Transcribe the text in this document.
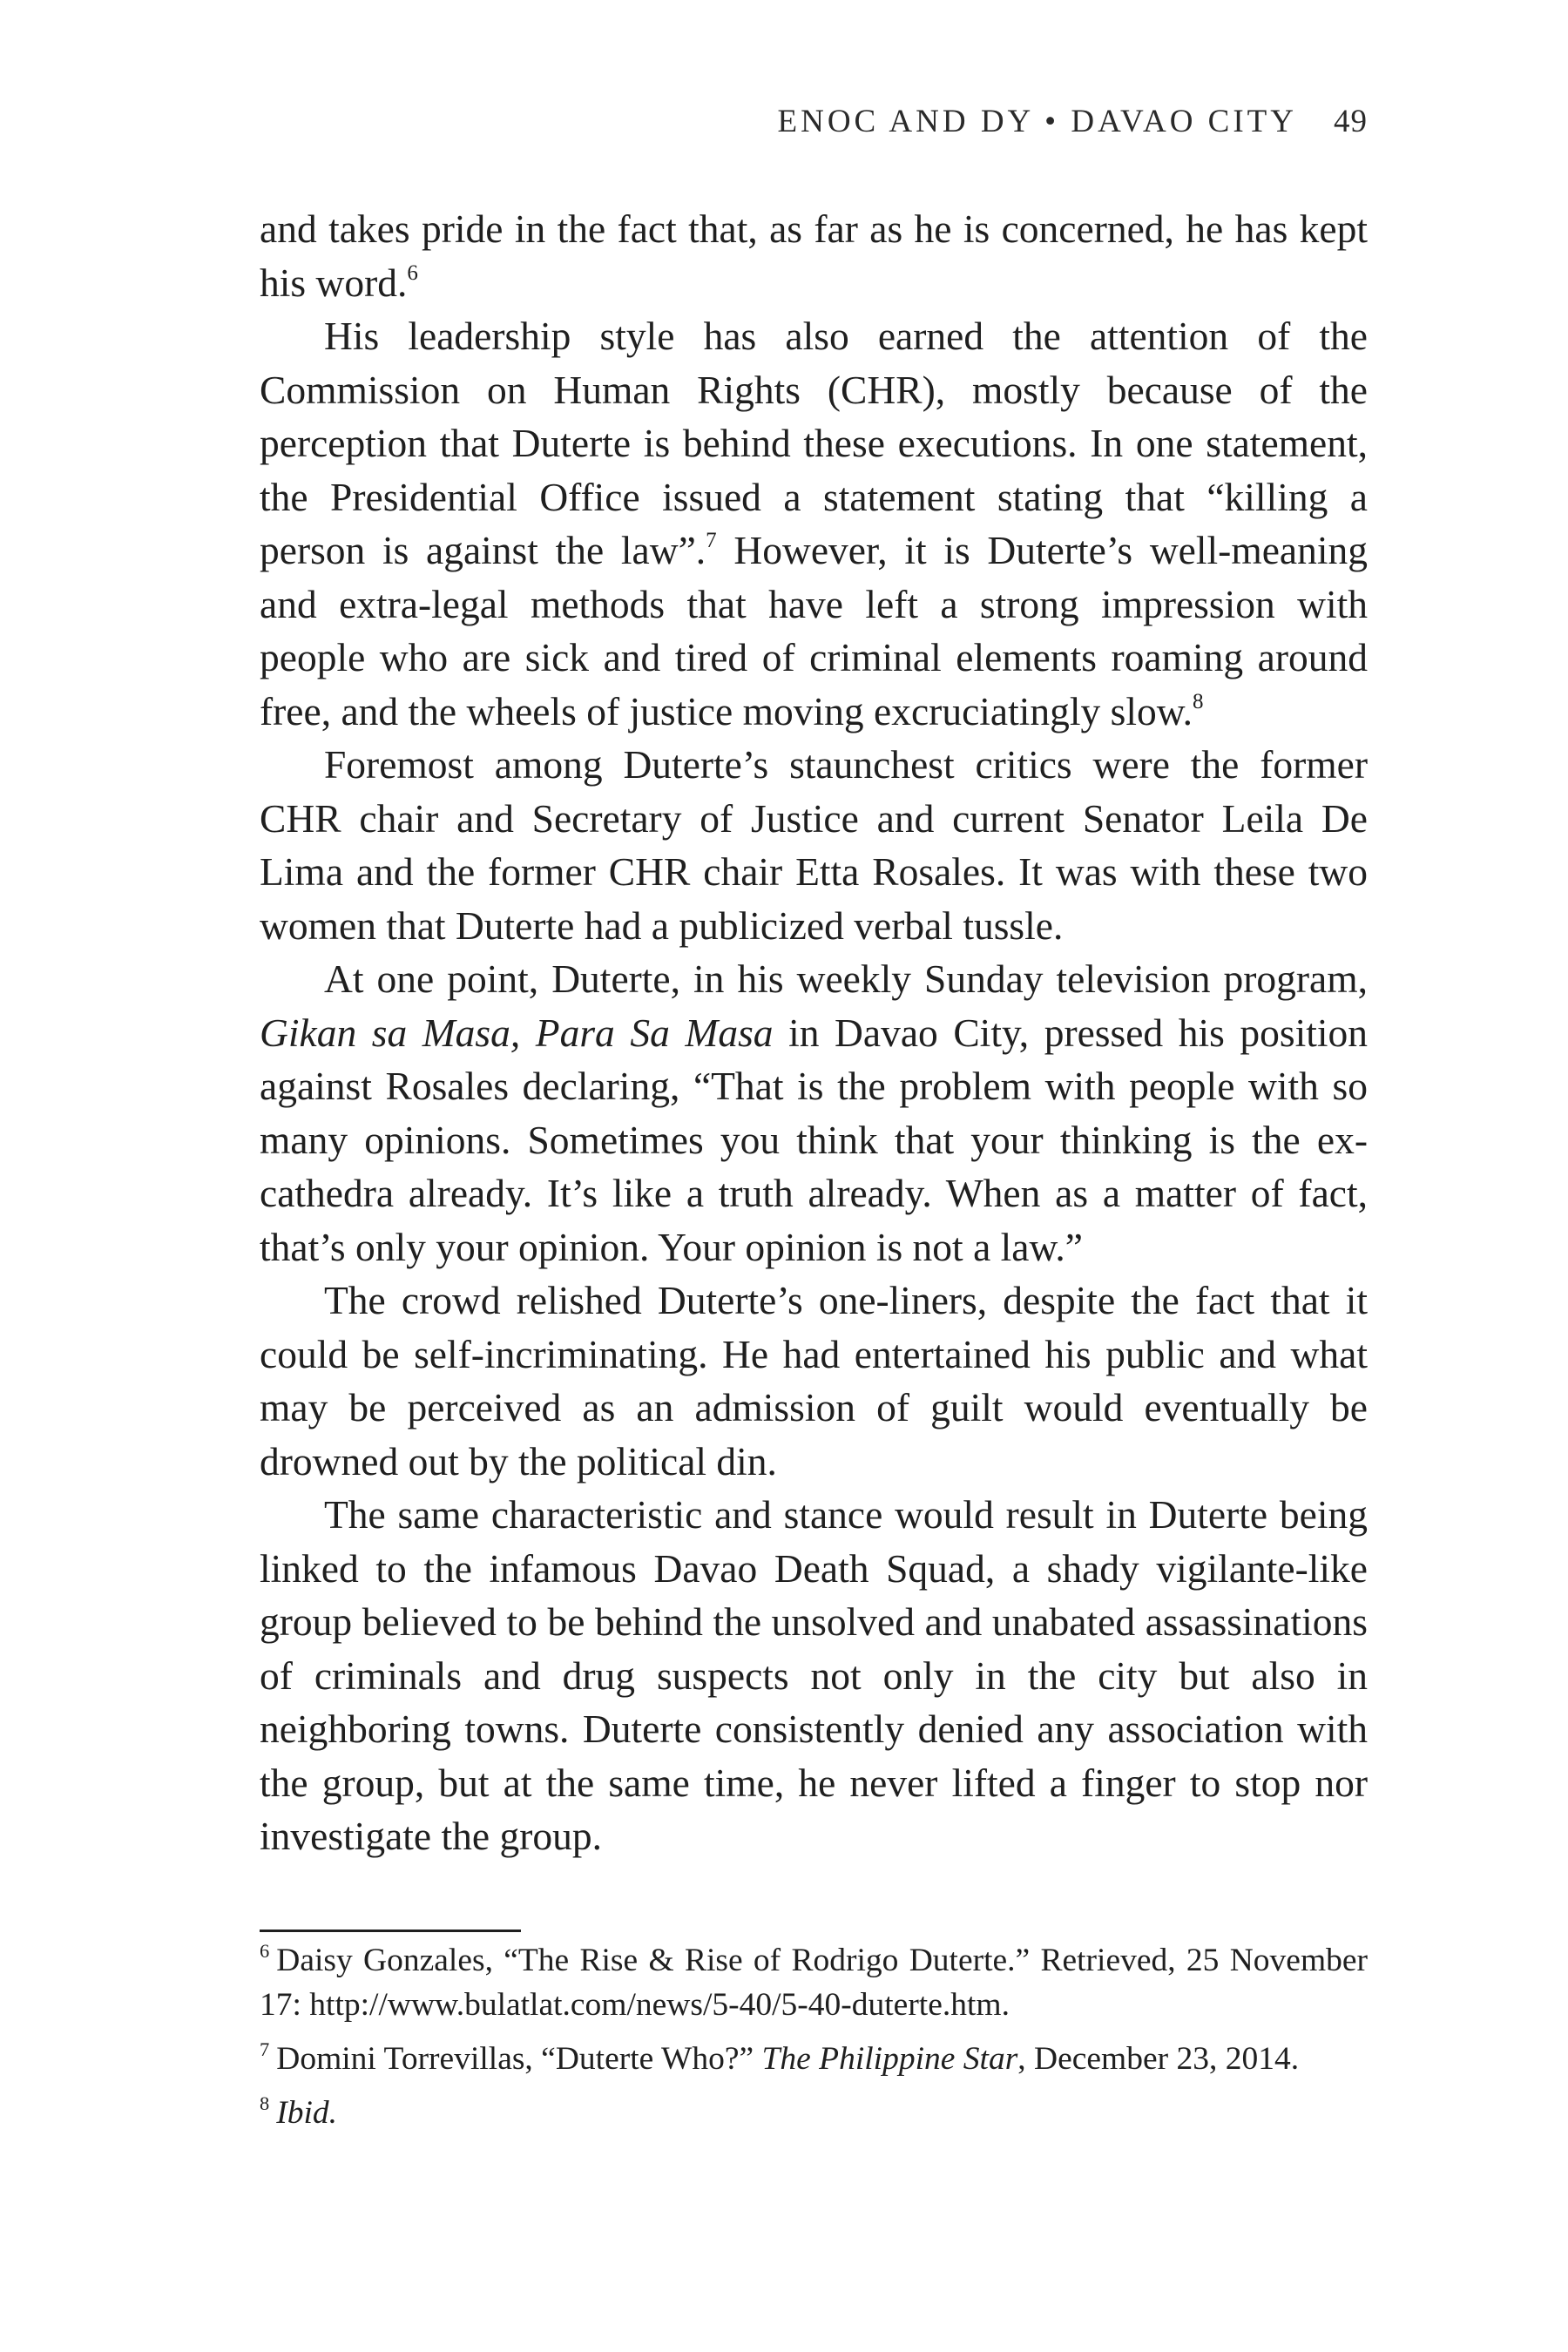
ENOC AND DY • DAVAO CITY 49

and takes pride in the fact that, as far as he is concerned, he has kept his word.$^6$

His leadership style has also earned the attention of the Commission on Human Rights (CHR), mostly because of the perception that Duterte is behind these executions. In one statement, the Presidential Office issued a statement stating that “killing a person is against the law”.$^7$ However, it is Duterte’s well-meaning and extra-legal methods that have left a strong impression with people who are sick and tired of criminal elements roaming around free, and the wheels of justice moving excruciatingly slow.$^8$

Foremost among Duterte’s staunchest critics were the former CHR chair and Secretary of Justice and current Senator Leila De Lima and the former CHR chair Etta Rosales. It was with these two women that Duterte had a publicized verbal tussle.

At one point, Duterte, in his weekly Sunday television program, Gikan sa Masa, Para Sa Masa in Davao City, pressed his position against Rosales declaring, “That is the problem with people with so many opinions. Sometimes you think that your thinking is the ex-cathedra already. It’s like a truth already. When as a matter of fact, that’s only your opinion. Your opinion is not a law.”

The crowd relished Duterte’s one-liners, despite the fact that it could be self-incriminating. He had entertained his public and what may be perceived as an admission of guilt would eventually be drowned out by the political din.

The same characteristic and stance would result in Duterte being linked to the infamous Davao Death Squad, a shady vigilante-like group believed to be behind the unsolved and unabated assassinations of criminals and drug suspects not only in the city but also in neighboring towns. Duterte consistently denied any association with the group, but at the same time, he never lifted a finger to stop nor investigate the group.

$^6$ Daisy Gonzales, “The Rise & Rise of Rodrigo Duterte.” Retrieved, 25 November 17: http://www.bulatlat.com/news/5-40/5-40-duterte.htm.

$^7$ Domini Torrevillas, “Duterte Who?” The Philippine Star, December 23, 2014.

$^8$ Ibid.
